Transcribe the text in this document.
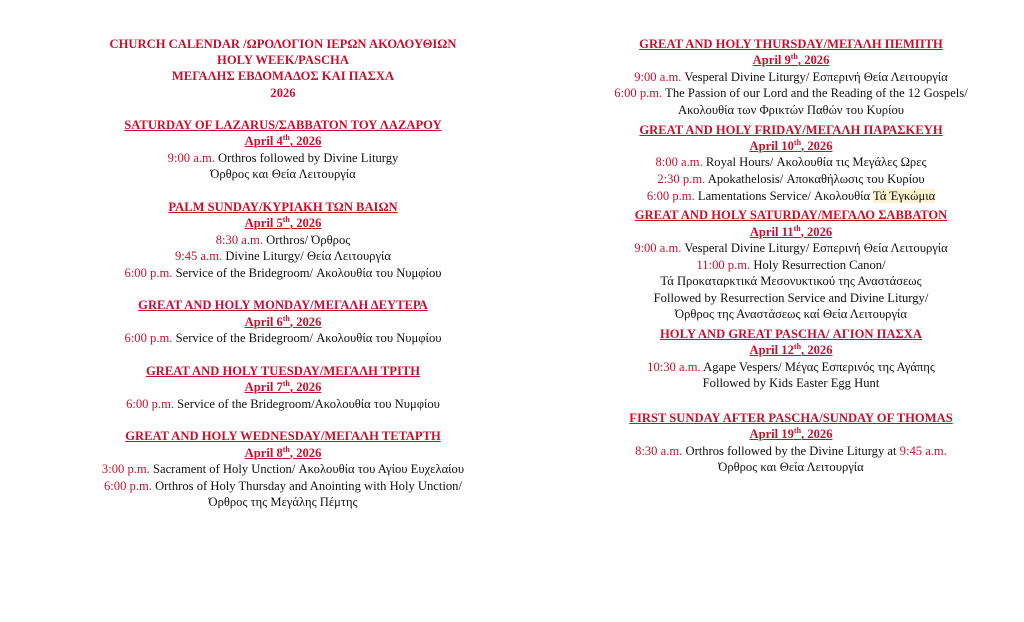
CHURCH CALENDAR /ΩΡΟΛΟΓΙΟΝ ΙΕΡΩΝ ΑΚΟΛΟΥΘΙΩΝ
HOLY WEEK/PASCHA
ΜΕΓΑΛΗΣ ΕΒΔΟΜΑΔΟΣ ΚΑΙ ΠΑΣΧΑ
2026
SATURDAY OF LAZARUS/ΣΑΒΒΑΤΟΝ ΤΟΥ ΛΑΖΑΡΟΥ
April 4th, 2026
9:00 a.m. Orthros followed by Divine Liturgy
Όρθρος και Θεία Λειτουργία
PALM SUNDAY/ΚΥΡΙΑΚΗ ΤΩΝ ΒΑΙΩΝ
April 5th, 2026
8:30 a.m. Orthros/ Όρθρος
9:45 a.m. Divine Liturgy/ Θεία Λειτουργία
6:00 p.m. Service of the Bridegroom/ Ακολουθία του Νυμφίου
GREAT AND HOLY MONDAY/ΜΕΓΑΛΗ ΔΕΥΤΕΡΑ
April 6th, 2026
6:00 p.m. Service of the Bridegroom/ Ακολουθία του Νυμφίου
GREAT AND HOLY TUESDAY/ΜΕΓΑΛΗ ΤΡΙΤΗ
April 7th, 2026
6:00 p.m. Service of the Bridegroom/Ακολουθία του Νυμφίου
GREAT AND HOLY WEDNESDAY/ΜΕΓΑΛΗ ΤΕΤΑΡΤΗ
April 8th, 2026
3:00 p.m. Sacrament of Holy Unction/ Ακολουθία του Αγίου Ευχελαίου
6:00 p.m. Orthros of Holy Thursday and Anointing with Holy Unction/
Όρθρος της Μεγάλης Πέμτης
GREAT AND HOLY THURSDAY/ΜΕΓΑΛΗ ΠΕΜΠΤΗ
April 9th, 2026
9:00 a.m. Vesperal Divine Liturgy/ Εσπερινή Θεία Λειτουργία
6:00 p.m. The Passion of our Lord and the Reading of the 12 Gospels/
Ακολουθία των Φρικτών Παθών του Κυρίου
GREAT AND HOLY FRIDAY/ΜΕΓΑΛΗ ΠΑΡΑΣΚΕΥΗ
April 10th, 2026
8:00 a.m. Royal Hours/ Ακολουθία τις Μεγάλες Ωρες
2:30 p.m. Apokathelosis/ Αποκαθήλωσις του Κυρίου
6:00 p.m. Lamentations Service/ Ακολουθία Τά Έγκώμια
GREAT AND HOLY SATURDAY/ΜΕΓΑΛΟ ΣΑΒΒΑΤΟΝ
April 11th, 2026
9:00 a.m. Vesperal Divine Liturgy/ Εσπερινή Θεία Λειτουργία
11:00 p.m. Holy Resurrection Canon/
Τά Προκαταρκτικά Μεσονυκτικού της Αναστάσεως
Followed by Resurrection Service and Divine Liturgy/
Όρθρος της Αναστάσεως καί Θεία Λειτουργία
HOLY AND GREAT PASCHA/ ΑΓΙΟΝ ΠΑΣΧΑ
April 12th, 2026
10:30 a.m. Agape Vespers/ Μέγας Εσπερινός της Αγάπης
Followed by Kids Easter Egg Hunt
FIRST SUNDAY AFTER PASCHA/SUNDAY OF THOMAS
April 19th, 2026
8:30 a.m. Orthros followed by the Divine Liturgy at 9:45 a.m.
Όρθρος και Θεία Λειτουργία
